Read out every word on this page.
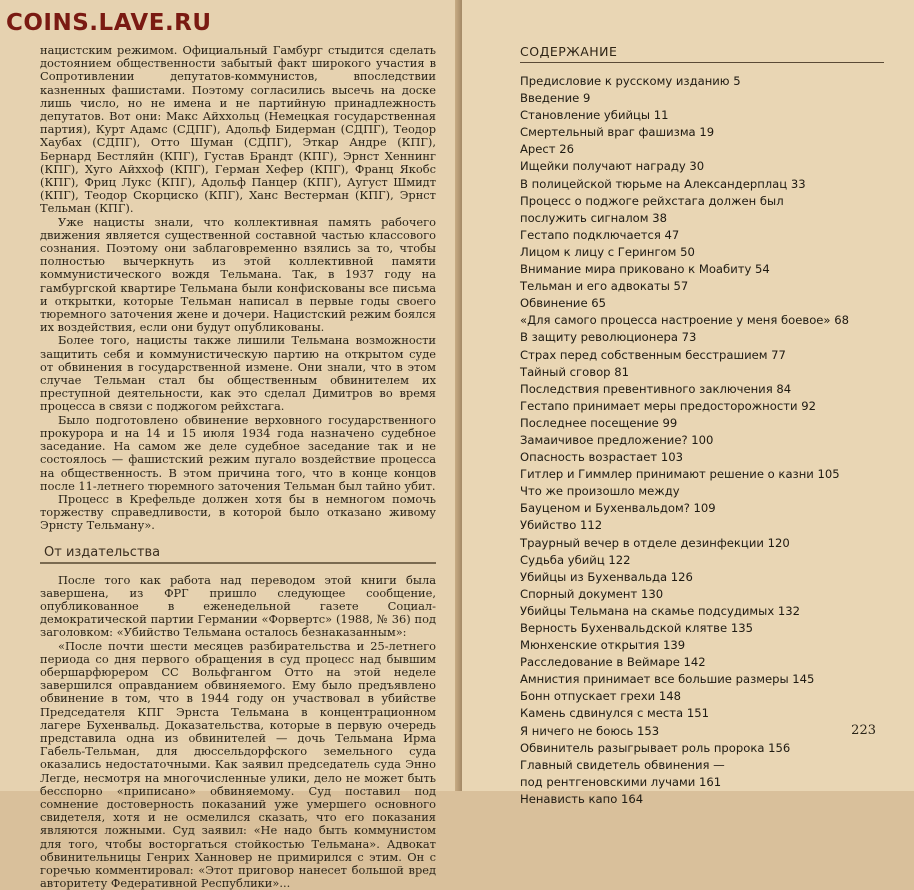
нацистским режимом. Официальный Гамбург стыдится сделать достоянием общественности забытый факт широкого участия в Сопротивлении депутатов-коммунистов, впоследствии казненных фашистами. Поэтому согласились высечь на доске лишь число, но не имена и не партийную принадлежность депутатов. Вот они: Макс Айххольц (Немецкая государственная партия), Курт Адамс (СДПГ), Адольф Бидерман (СДПГ), Теодор Хаубах (СДПГ), Отто Шуман (СДПГ), Эткар Андре (КПГ), Бернард Бестляйн (КПГ), Густав Брандт (КПГ), Эрнст Хеннинг (КПГ), Хуго Айххоф (КПГ), Герман Хефер (КПГ), Франц Якобс (КПГ), Фриц Лукс (КПГ), Адольф Панцер (КПГ), Аугуст Шмидт (КПГ), Теодор Скорциско (КПГ), Ханс Вестерман (КПГ), Эрнст Тельман (КПГ).

Уже нацисты знали, что коллективная память рабочего движения является существенной составной частью классового сознания. Поэтому они заблаговременно взялись за то, чтобы полностью вычеркнуть из этой коллективной памяти коммунистического вождя Тельмана. Так, в 1937 году на гамбургской квартире Тельмана были конфискованы все письма и открытки, которые Тельман написал в первые годы своего тюремного заточения жене и дочери. Нацистский режим боялся их воздействия, если они будут опубликованы.

Более того, нацисты также лишили Тельмана возможности защитить себя и коммунистическую партию на открытом суде от обвинения в государственной измене. Они знали, что в этом случае Тельман стал бы общественным обвинителем их преступной деятельности, как это сделал Димитров во время процесса в связи с поджогом рейхстага.

Было подготовлено обвинение верховного государственного прокурора и на 14 и 15 июля 1934 года назначено судебное заседание. На самом же деле судебное заседание так и не состоялось — фашистский режим пугало воздействие процесса на общественность. В этом причина того, что в конце концов после 11-летнего тюремного заточения Тельман был тайно убит.

Процесс в Крефельде должен хотя бы в немногом помочь торжеству справедливости, в которой было отказано живому Эрнсту Тельману».

От издательства

После того как работа над переводом этой книги была завершена, из ФРГ пришло следующее сообщение, опубликованное в еженедельной газете Социал-демократической партии Германии «Форвертс» (1988, № 36) под заголовком: «Убийство Тельмана осталось безнаказанным»:

«После почти шести месяцев разбирательства и 25-летнего периода со дня первого обращения в суд процесс над бывшим обершарфюрером СС Вольфгангом Отто на этой неделе завершился оправданием обвиняемого. Ему было предъявлено обвинение в том, что в 1944 году он участвовал в убийстве Председателя КПГ Эрнста Тельмана в концентрационном лагере Бухенвальд. Доказательства, которые в первую очередь представила одна из обвинителей — дочь Тельмана Ирма Габель-Тельман, для дюссельдорфского земельного суда оказались недостаточными. Как заявил председатель суда Энно Легде, несмотря на многочисленные улики, дело не может быть бесспорно «приписано» обвиняемому. Суд поставил под сомнение достоверность показаний уже умершего основного свидетеля, хотя и не осмелился сказать, что его показания являются ложными. Суд заявил: «Не надо быть коммунистом для того, чтобы восторгаться стойкостью Тельмана». Адвокат обвинительницы Генрих Ханновер не примирился с этим. Он с горечью комментировал: «Этот приговор нанесет большой вред авторитету Федеративной Республики»...

СОДЕРЖАНИЕ
Предисловие к русскому изданию 5
Введение 9
Становление убийцы 11
Смертельный враг фашизма 19
Арест 26
Ищейки получают награду 30
В полицейской тюрьме на Александерплац 33
Процесс о поджоге рейхстага должен был
послужить сигналом 38
Гестапо подключается 47
Лицом к лицу с Герингом 50
Внимание мира приковано к Моабиту 54
Тельман и его адвокаты 57
Обвинение 65
«Для самого процесса настроение у меня боевое» 68
В защиту революционера 73
Страх перед собственным бесстрашием 77
Тайный сговор 81
Последствия превентивного заключения 84
Гестапо принимает меры предосторожности 92
Последнее посещение 99
Замаичивое предложение? 100
Опасность возрастает 103
Гитлер и Гиммлер принимают решение о казни 105
Что же произошло между
Бауценом и Бухенвальдом? 109
Убийство 112
Траурный вечер в отделе дезинфекции 120
Судьба убийц 122
Убийцы из Бухенвальда 126
Спорный документ 130
Убийцы Тельмана на скамье подсудимых 132
Верность Бухенвальдской клятве 135
Мюнхенские открытия 139
Расследование в Веймаре 142
Амнистия принимает все большие размеры 145
Бонн отпускает грехи 148
Камень сдвинулся с места 151
Я ничего не боюсь 153
Обвинитель разыгрывает роль пророка 156
Главный свидетель обвинения —
под рентгеновскими лучами 161
Ненависть капо 164
223
COINS.LAVE.RU
